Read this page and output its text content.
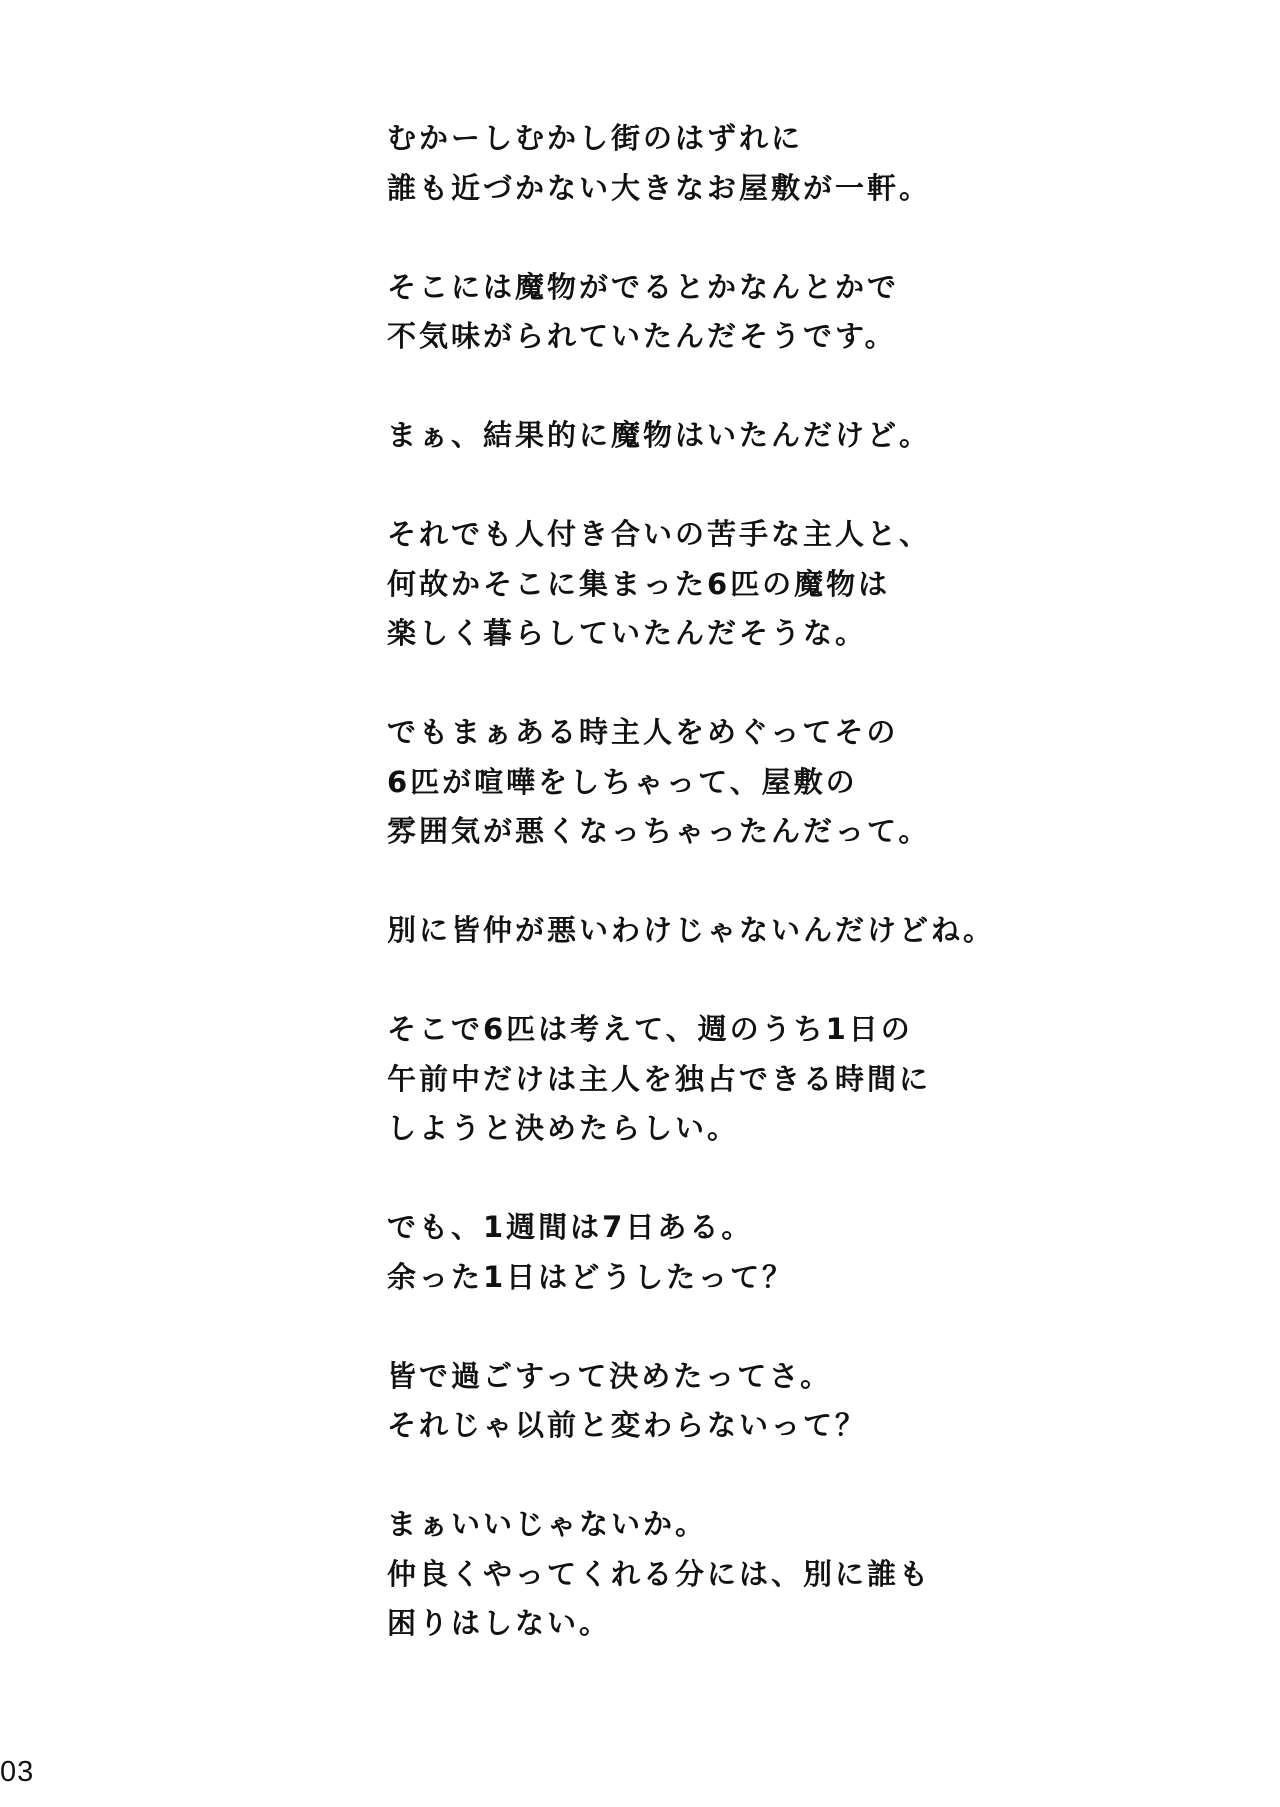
むかーしむかし街のはずれに
誰も近づかない大きなお屋敷が一軒。
そこには魔物がでるとかなんとかで
不気味がられていたんだそうです。
まぁ、結果的に魔物はいたんだけど。
それでも人付き合いの苦手な主人と、
何故かそこに集まった6匹の魔物は
楽しく暮らしていたんだそうな。
でもまぁある時主人をめぐってその
6匹が喧嘩をしちゃって、屋敷の
雰囲気が悪くなっちゃったんだって。
別に皆仲が悪いわけじゃないんだけどね。
そこで6匹は考えて、週のうち1日の
午前中だけは主人を独占できる時間に
しようと決めたらしい。
でも、1週間は7日ある。
余った1日はどうしたって？
皆で過ごすって決めたってさ。
それじゃ以前と変わらないって？
まぁいいじゃないか。
仲良くやってくれる分には、別に誰も
困りはしない。
03
